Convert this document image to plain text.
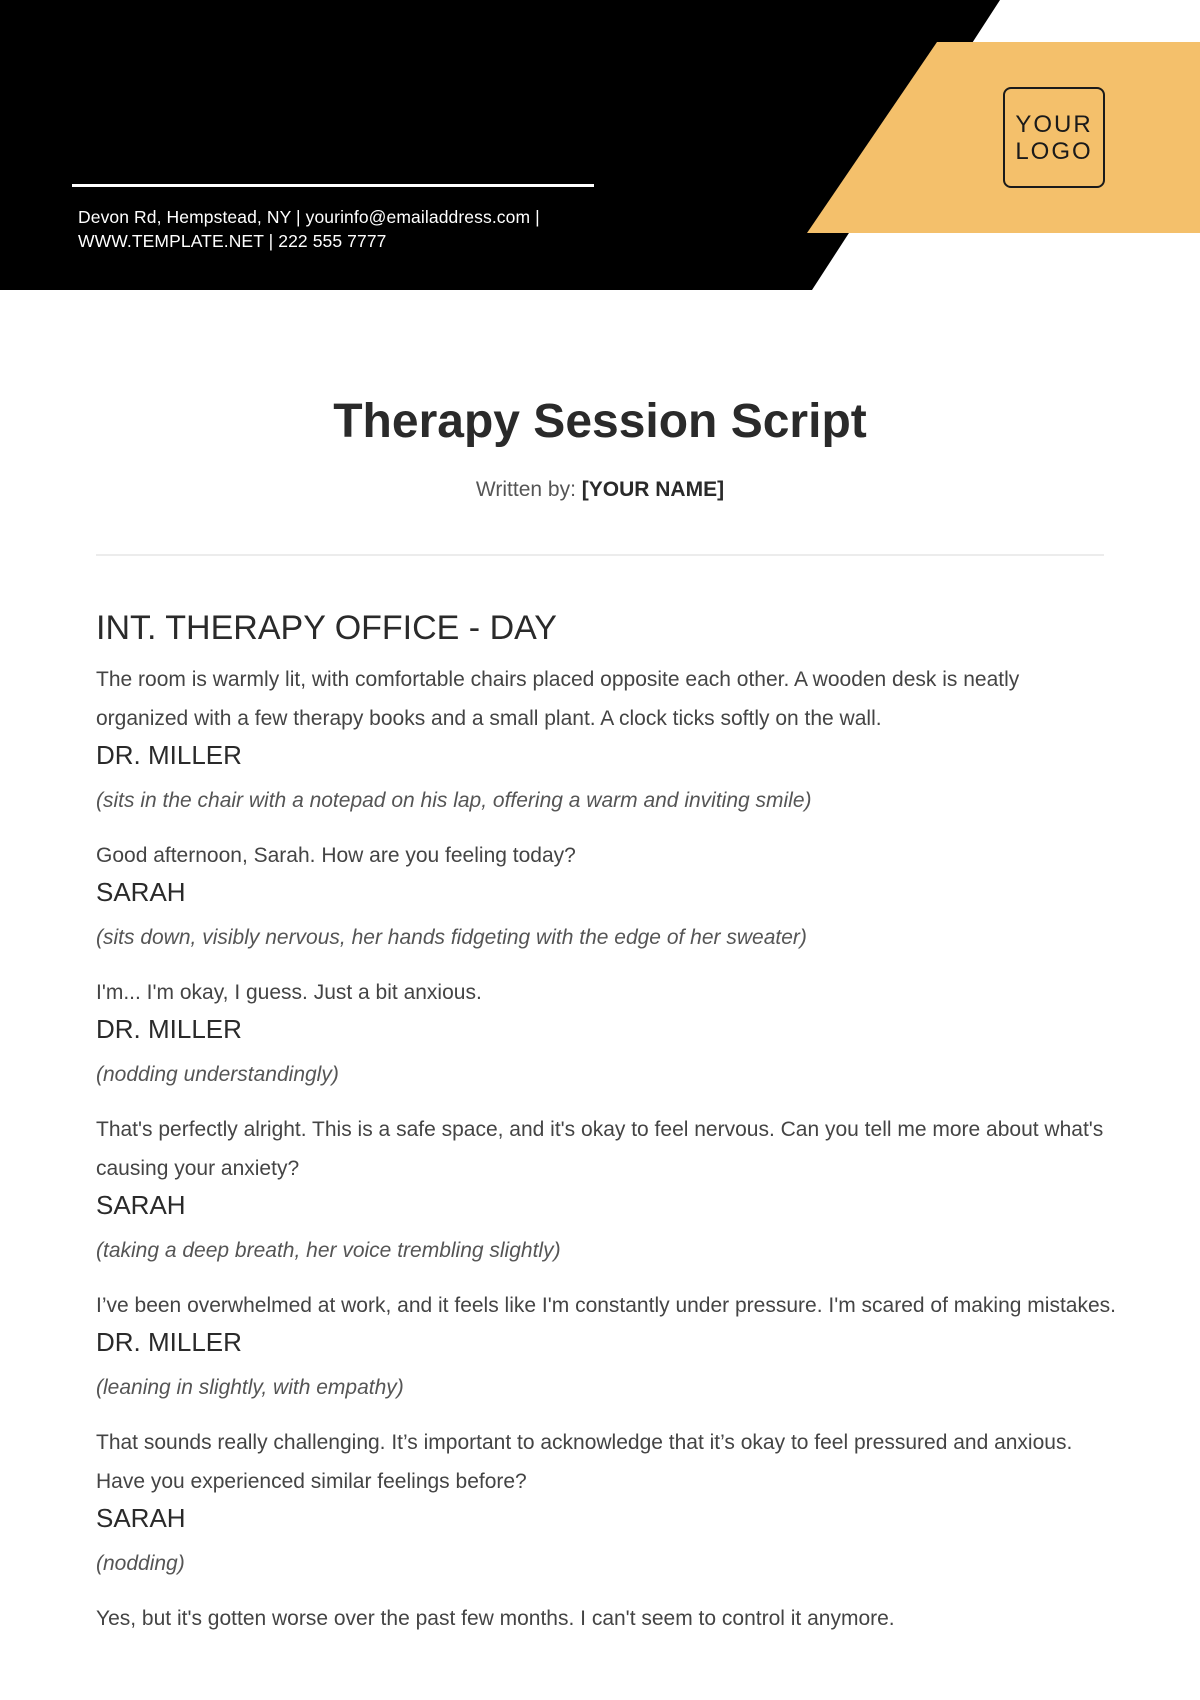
Devon Rd, Hempstead, NY | yourinfo@emailaddress.com |
WWW.TEMPLATE.NET | 222 555 7777
YOUR
LOGO
Therapy Session Script
Written by: [YOUR NAME]
INT. THERAPY OFFICE - DAY

The room is warmly lit, with comfortable chairs placed opposite each other. A wooden desk is neatly organized with a few therapy books and a small plant. A clock ticks softly on the wall.

DR. MILLER

(sits in the chair with a notepad on his lap, offering a warm and inviting smile)

Good afternoon, Sarah. How are you feeling today?

SARAH

(sits down, visibly nervous, her hands fidgeting with the edge of her sweater)

I'm... I'm okay, I guess. Just a bit anxious.

DR. MILLER

(nodding understandingly)

That's perfectly alright. This is a safe space, and it's okay to feel nervous. Can you tell me more about what's causing your anxiety?

SARAH

(taking a deep breath, her voice trembling slightly)

I’ve been overwhelmed at work, and it feels like I'm constantly under pressure. I'm scared of making mistakes.

DR. MILLER

(leaning in slightly, with empathy)

That sounds really challenging. It’s important to acknowledge that it’s okay to feel pressured and anxious. Have you experienced similar feelings before?

SARAH

(nodding)

Yes, but it's gotten worse over the past few months. I can't seem to control it anymore.
